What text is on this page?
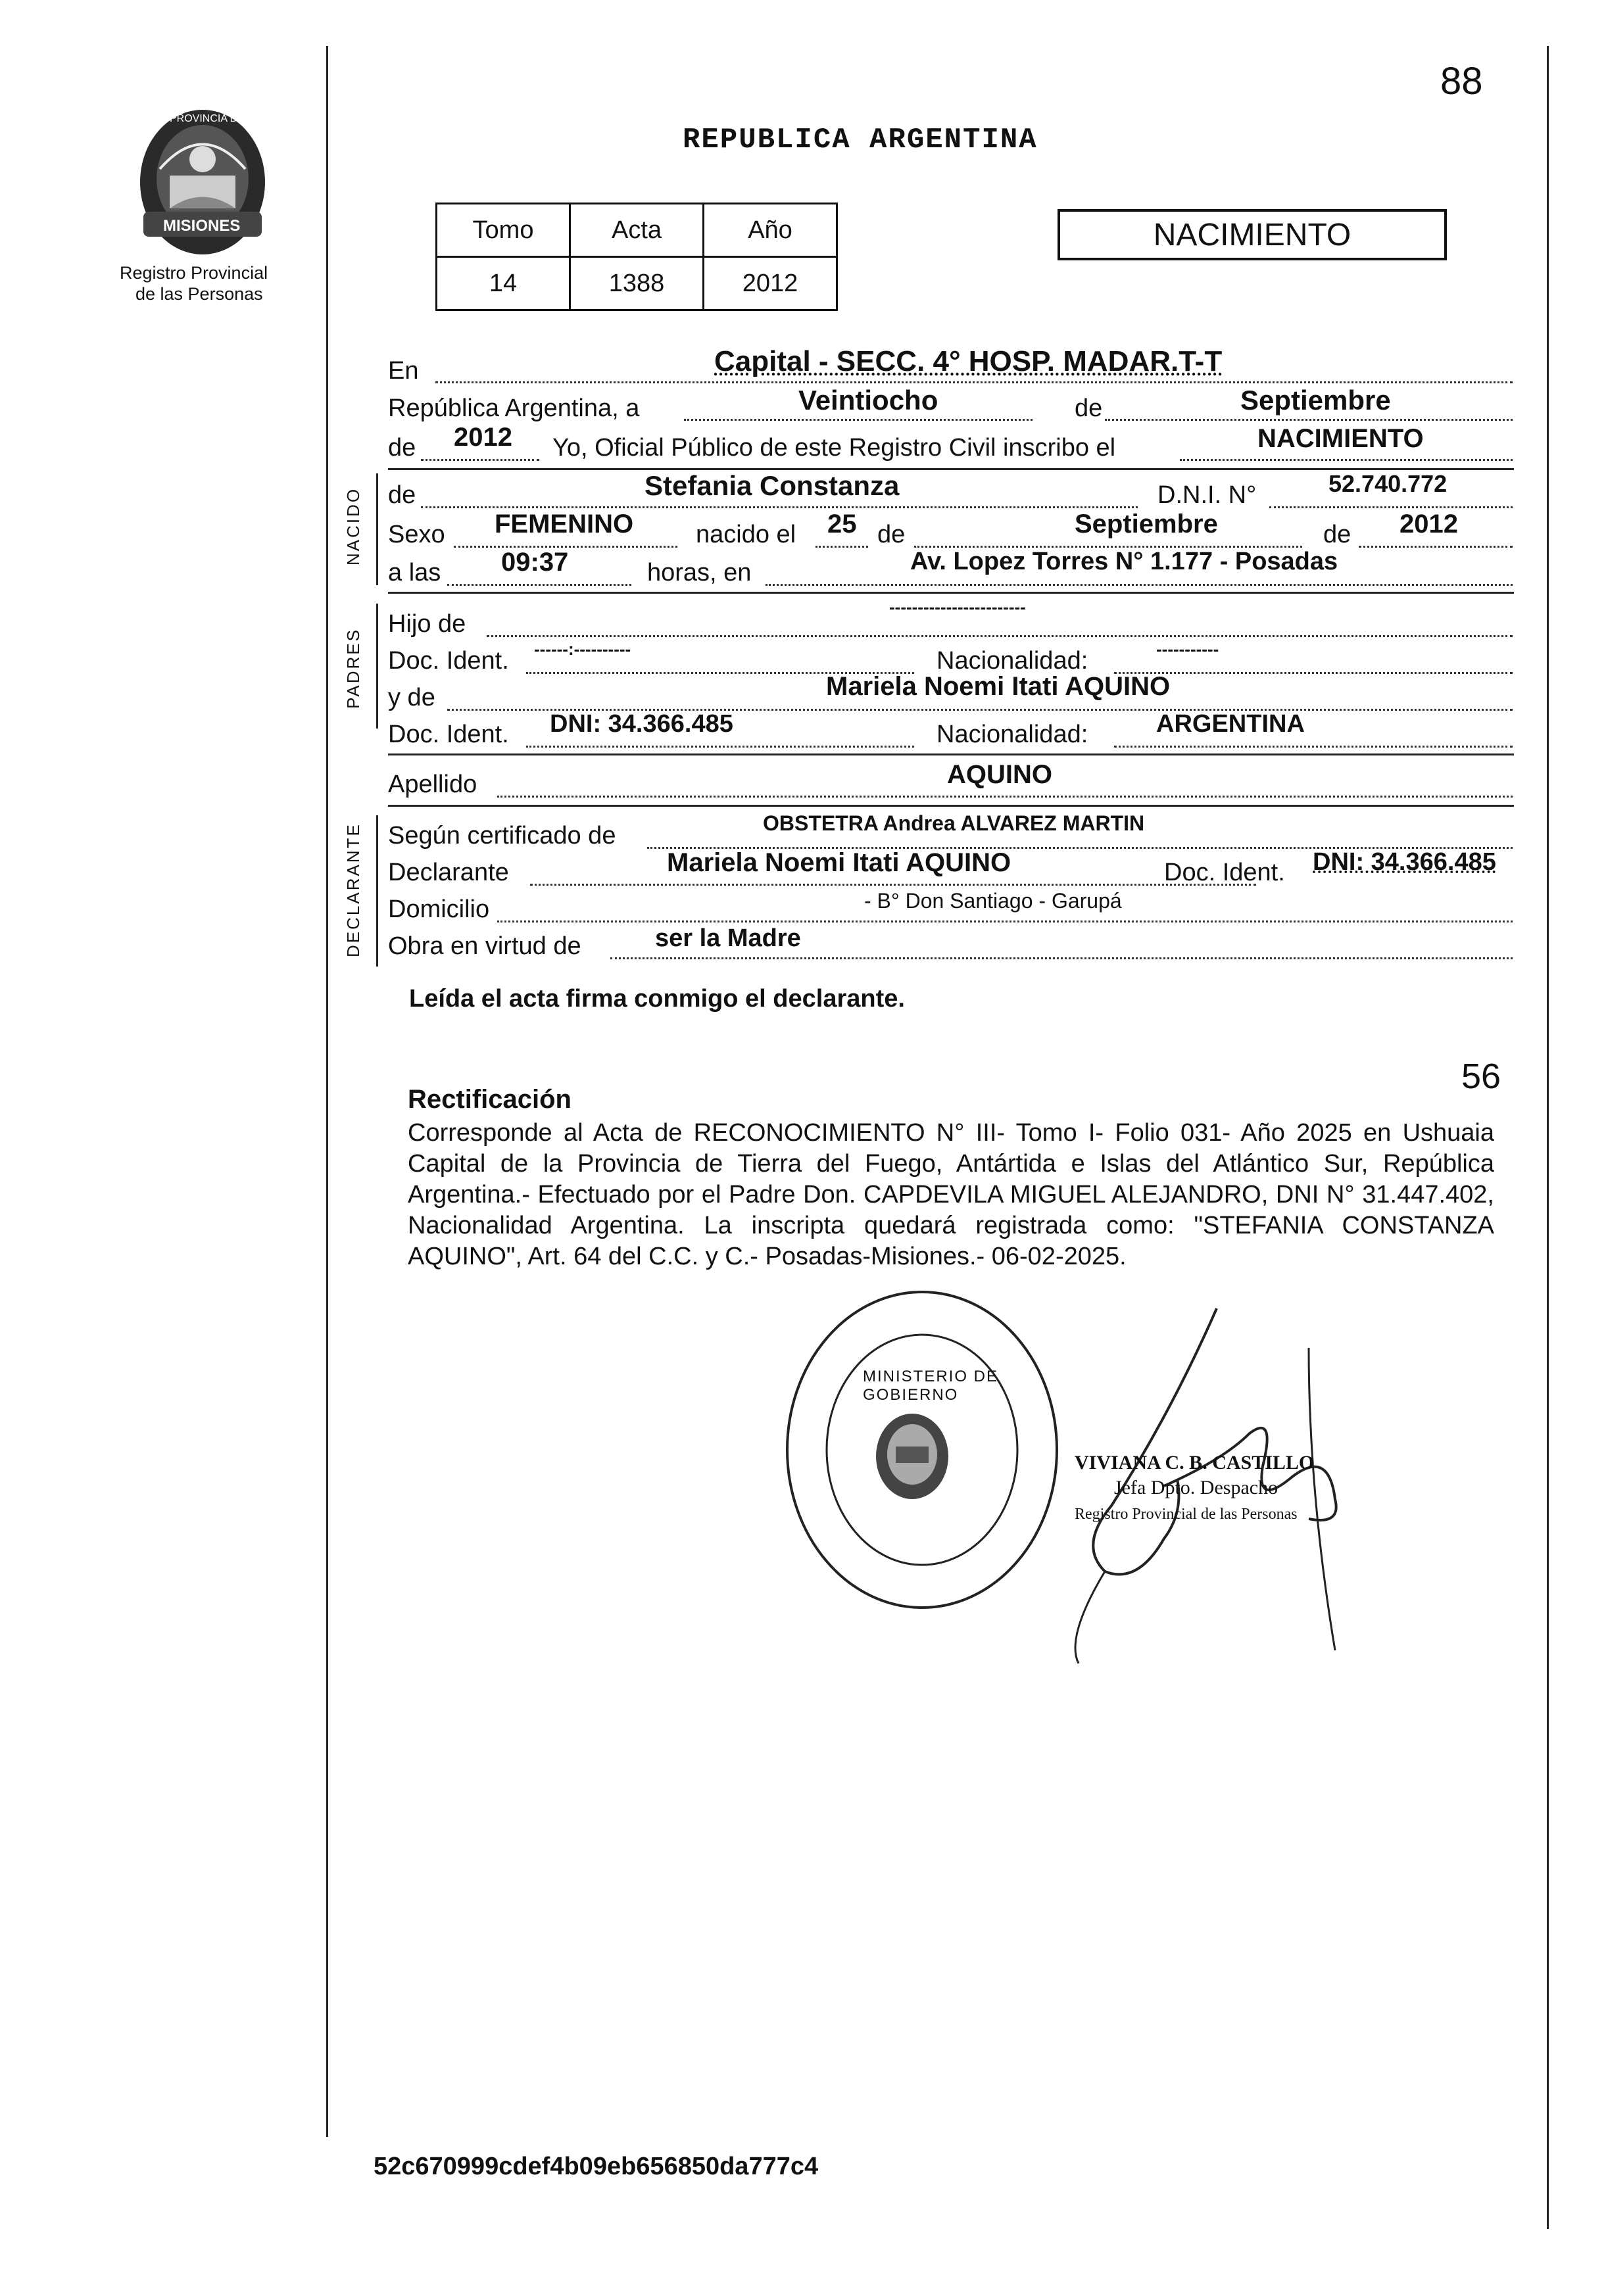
88
PROVINCIA DE
MISIONES
Registro Provincial
de las Personas
REPUBLICA ARGENTINA
Tomo	Acta	Año
14	1388	2012
NACIMIENTO
En	Capital - SECC. 4° HOSP. MADAR.T-T
República Argentina, a	Veintiocho	de	Septiembre
de 2012 Yo, Oficial Público de este Registro Civil inscribo el	NACIMIENTO
NACIDO de	Stefania Constanza	D.N.I. N°	52.740.772
Sexo FEMENINO nacido el 25 de	Septiembre	de 2012
a las 09:37	horas, en	Av. Lopez Torres N° 1.177 - Posadas
PADRES
Hijo de
------------------------
Doc. Ident. ------:----------	Nacionalidad:	-----------
y de	Mariela Noemi Itati AQUINO
Doc. Ident. DNI: 34.366.485	Nacionalidad:	ARGENTINA
Apellido	AQUINO
DECLARANTE Según certificado de	OBSTETRA Andrea ALVAREZ MARTIN
Declarante	Mariela Noemi Itati AQUINO	Doc. Ident. DNI: 34.366.485
Domicilio	- B° Don Santiago - Garupá
Obra en virtud de	ser la Madre
Leída el acta firma conmigo el declarante.
56
Rectificación
Corresponde al Acta de RECONOCIMIENTO N° III- Tomo I- Folio 031- Año 2025 en Ushuaia Capital de la Provincia de Tierra del Fuego, Antártida e Islas del Atlántico Sur, República Argentina.- Efectuado por el Padre Don. CAPDEVILA MIGUEL ALEJANDRO, DNI N° 31.447.402, Nacionalidad Argentina. La inscripta quedará registrada como: "STEFANIA CONSTANZA AQUINO", Art. 64 del C.C. y C.- Posadas-Misiones.- 06-02-2025.
MINISTERIO DE GOBIERNO
VIVIANA C. B. CASTILLO
Jefa Dpto. Despacho
Registro Provincial de las Personas
52c670999cdef4b09eb656850da777c4
